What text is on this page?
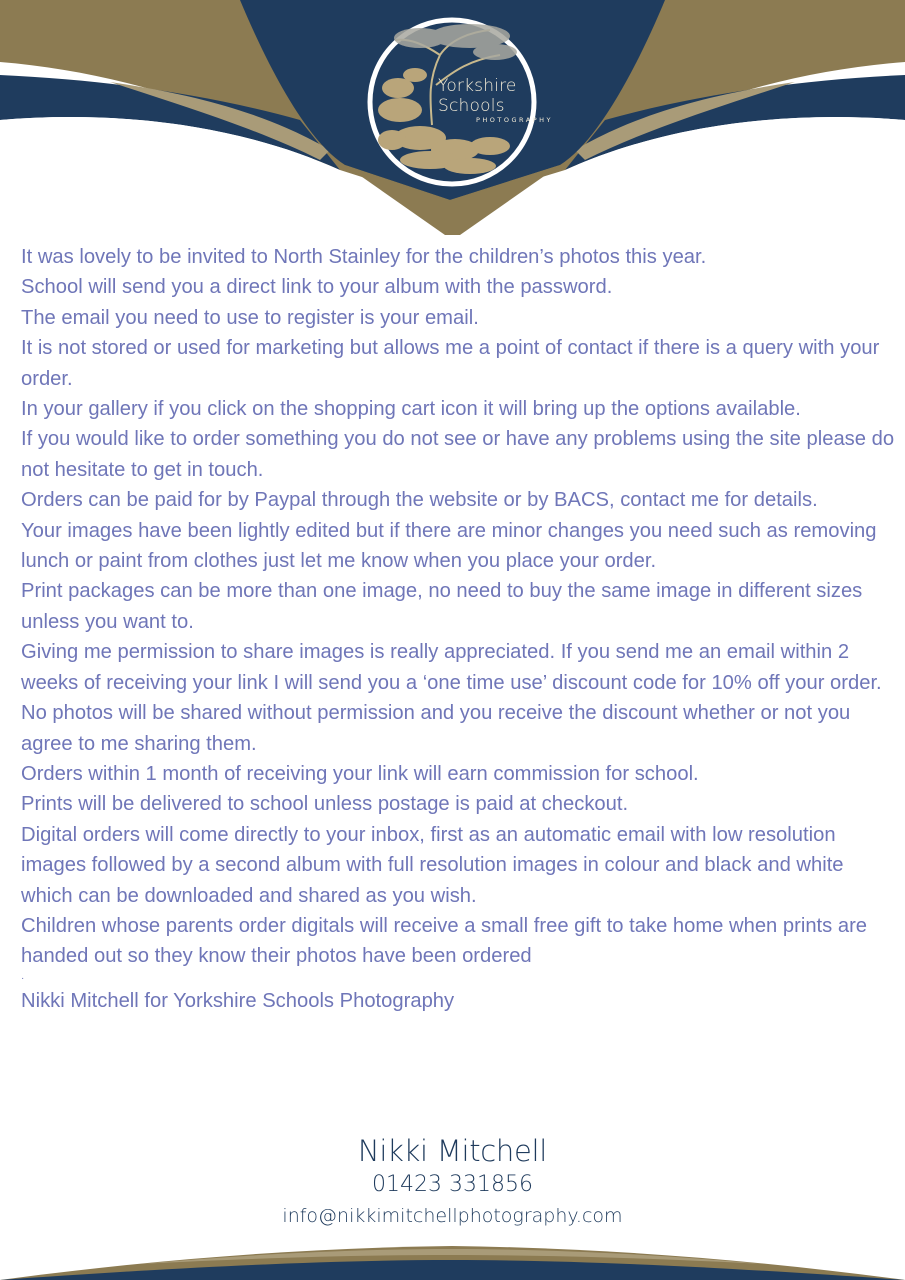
Yorkshire Schools
PHOTOGRAPHY

It was lovely to be invited to North Stainley for the children’s photos this year.

School will send you a direct link to your album with the password.

The email you need to use to register is your email.

It is not stored or used for marketing but allows me a point of contact if there is a query with your order.

In your gallery if you click on the shopping cart icon it will bring up the options available.

If you would like to order something you do not see or have any problems using the site please do not hesitate to get in touch.

Orders can be paid for by Paypal through the website or by BACS, contact me for details.

Your images have been lightly edited but if there are minor changes you need such as removing lunch or paint from clothes just let me know when you place your order.

Print packages can be more than one image, no need to buy the same image in different sizes unless you want to.

Giving me permission to share images is really appreciated. If you send me an email within 2 weeks of receiving your link I will send you a ‘one time use’ discount code for 10% off your order.

No photos will be shared without permission and you receive the discount whether or not you agree to me sharing them.

Orders within 1 month of receiving your link will earn commission for school.

Prints will be delivered to school unless postage is paid at checkout.

Digital orders will come directly to your inbox, first as an automatic email with low resolution images followed by a second album with full resolution images in colour and black and white which can be downloaded and shared as you wish.

Children whose parents order digitals will receive a small free gift to take home when prints are handed out so they know their photos have been ordered

·

Nikki Mitchell for Yorkshire Schools Photography

Nikki Mitchell
01423 331856
info@nikkimitchellphotography.com
